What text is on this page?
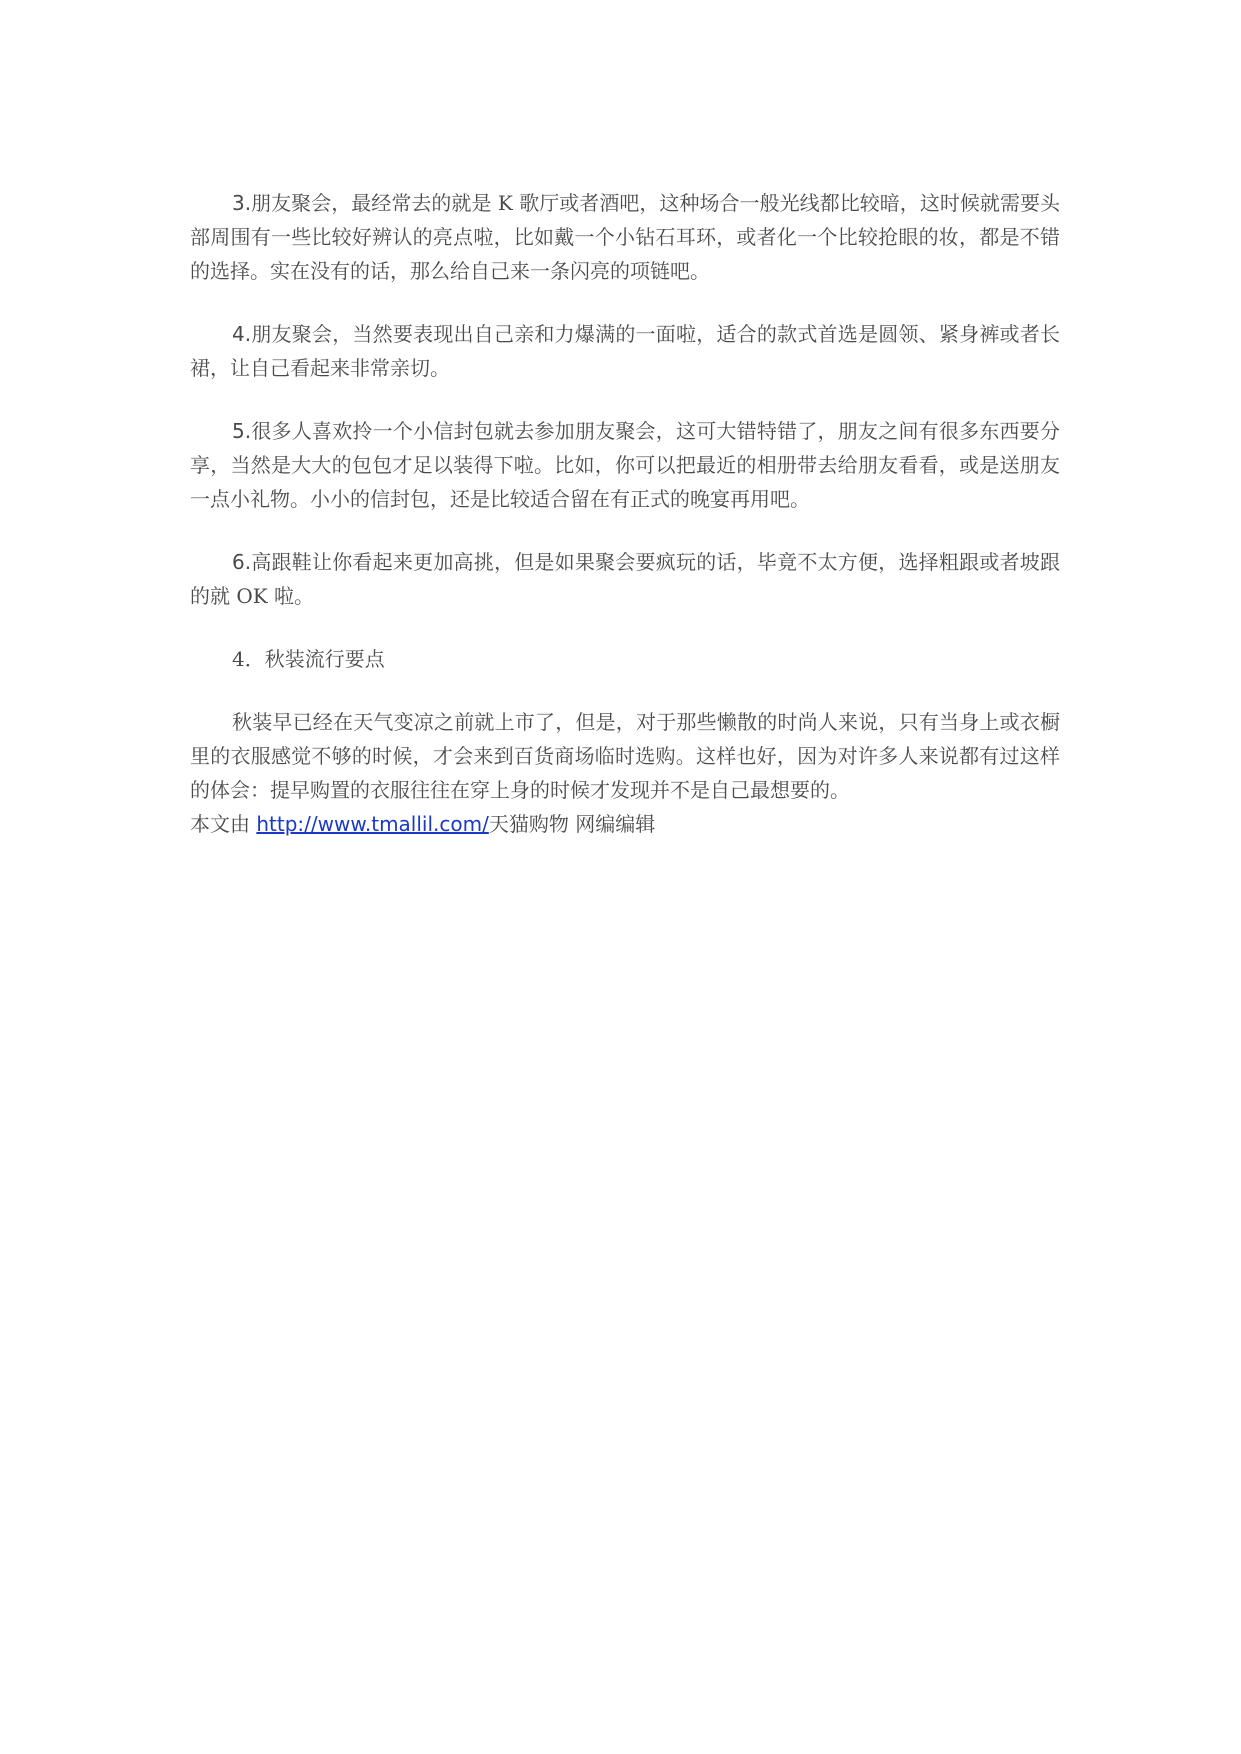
3.朋友聚会，最经常去的就是 K 歌厅或者酒吧，这种场合一般光线都比较暗，这时候就需要头部周围有一些比较好辨认的亮点啦，比如戴一个小钻石耳环，或者化一个比较抢眼的妆，都是不错的选择。实在没有的话，那么给自己来一条闪亮的项链吧。

4.朋友聚会，当然要表现出自己亲和力爆满的一面啦，适合的款式首选是圆领、紧身裤或者长裙，让自己看起来非常亲切。

5.很多人喜欢拎一个小信封包就去参加朋友聚会，这可大错特错了，朋友之间有很多东西要分享，当然是大大的包包才足以装得下啦。比如，你可以把最近的相册带去给朋友看看，或是送朋友一点小礼物。小小的信封包，还是比较适合留在有正式的晚宴再用吧。

6.高跟鞋让你看起来更加高挑，但是如果聚会要疯玩的话，毕竟不太方便，选择粗跟或者坡跟的就 OK 啦。

4．秋装流行要点

秋装早已经在天气变凉之前就上市了，但是，对于那些懒散的时尚人来说，只有当身上或衣橱里的衣服感觉不够的时候，才会来到百货商场临时选购。这样也好，因为对许多人来说都有过这样的体会：提早购置的衣服往往在穿上身的时候才发现并不是自己最想要的。

本文由 http://www.tmallil.com/天猫购物 网编编辑
